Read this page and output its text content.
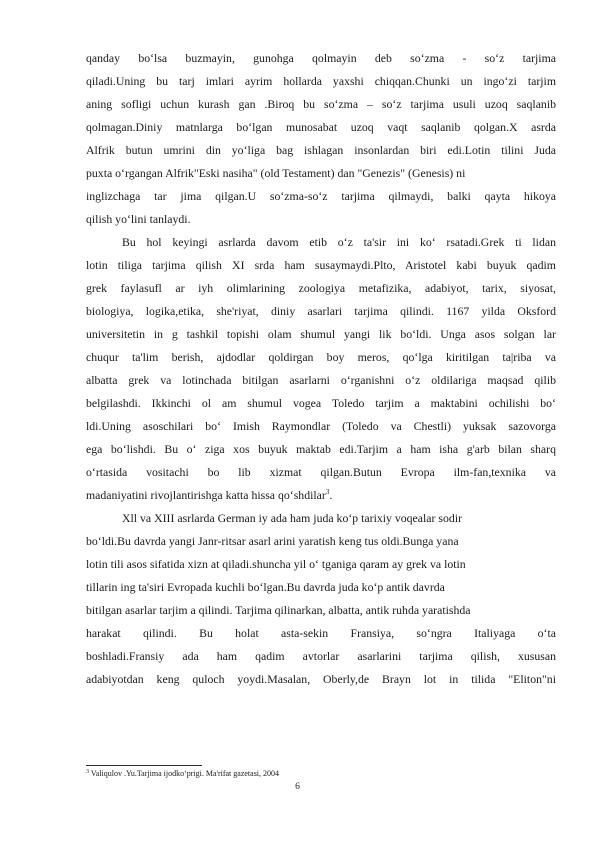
qanday bo‘lsa buzmayin, gunohga qolmayin deb so‘zma - so‘z tarjima
qiladi.Uning bu tarj imlari ayrim hollarda yaxshi chiqqan.Chunki un ingo‘zi tarjim
aning sofligi uchun kurash gan .Biroq bu so‘zma – so‘z tarjima usuli uzoq saqlanib
qolmagan.Diniy matnlarga bo‘lgan munosabat uzoq vaqt saqlanib qolgan.X asrda
Alfrik butun umrini din yo‘liga bag ishlagan insonlardan biri edi.Lotin tilini Juda
puxta o‘rgangan Alfrik"Eski nasiha" (old Testament) dan "Genezis" (Genesis) ni
inglizchaga tar jima qilgan.U so‘zma-so‘z tarjima qilmaydi, balki qayta hikoya
qilish yo‘lini tanlaydi.
Bu hol keyingi asrlarda davom etib o‘z ta'sir ini ko‘ rsatadi.Grek ti lidan
lotin tiliga tarjima qilish XI srda ham susaymaydi.Plto, Aristotel kabi buyuk qadim
grek faylasufl ar iyh olimlarining zoologiya metafizika, adabiyot, tarix, siyosat,
biologiya, logika,etika, she'riyat, diniy asarlari tarjima qilindi. 1167 yilda Oksford
universitetin in g tashkil topishi olam shumul yangi lik bo‘ldi. Unga asos solgan lar
chuqur ta'lim berish, ajdodlar qoldirgan boy meros, qo‘lga kiritilgan ta|riba va
albatta grek va lotinchada bitilgan asarlarni o‘rganishni o‘z oldilariga maqsad qilib
belgilashdi. Ikkinchi ol am shumul vogea Toledo tarjim a maktabini ochilishi bo‘
ldi.Uning asoschilari bo‘ Imish Raymondlar (Toledo va Chestli) yuksak sazovorga
ega bo‘lishdi. Bu o‘ ziga xos buyuk maktab edi.Tarjim a ham isha g'arb bilan sharq
o‘rtasida vositachi bo lib xizmat qilgan.Butun Evropa ilm-fan,texnika va
madaniyatini rivojlantirishga katta hissa qo‘shdilar$^3$.
Xll va XIII asrlarda German iy ada ham juda ko‘p tarixiy voqealar sodir
bo‘ldi.Bu davrda yangi Janr-ritsar asarl arini yaratish keng tus oldi.Bunga yana
lotin tili asos sifatida xizn at qiladi.shuncha yil o‘ tganiga qaram ay grek va lotin
tillarin ing ta'siri Evropada kuchli bo‘lgan.Bu davrda juda ko‘p antik davrda
bitilgan asarlar tarjim a qilindi. Tarjima qilinarkan, albatta, antik ruhda yaratishda
harakat qilindi. Bu holat asta-sekin Fransiya, so‘ngra Italiyaga o‘ta
boshladi.Fransiy ada ham qadim avtorlar asarlarini tarjima qilish, xususan
adabiyotdan keng quloch yoydi.Masalan, Oberly,de Brayn lot in tilida "Eliton"ni
$^3$ Valiqulov .Yu.Tarjima ijodko‘prigi. Ma'rifat gazetasi, 2004
6
